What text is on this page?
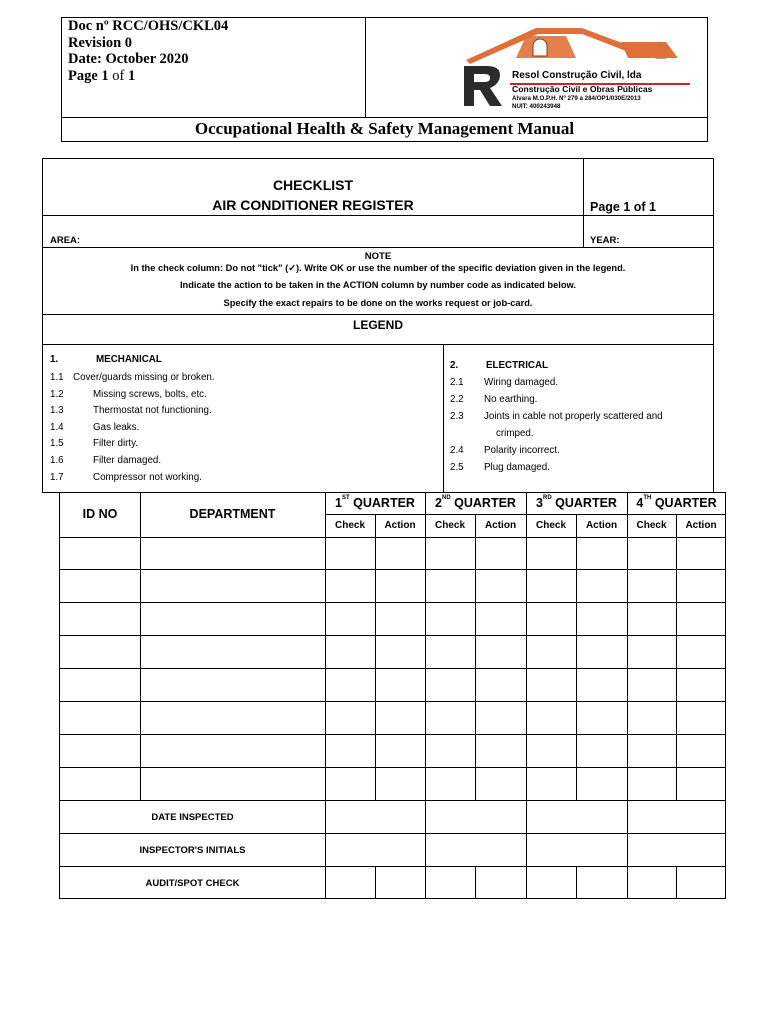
Doc nº RCC/OHS/CKL04
Revision 0
Date: October 2020
Page 1 of 1	Resol Construção Civil, lda
Construção Civil e Obras Públicas
Alvara M.O.P.H. Nº 279 a 284/OP1/030E/2013
NUIT: 400243948
Occupational Health & Safety Management Manual
CHECKLIST
AIR CONDITIONER REGISTER	Page 1 of 1
AREA:	YEAR:
NOTE
In the check column: Do not "tick" (✓). Write OK or use the number of the specific deviation given in the legend.
Indicate the action to be taken in the ACTION column by number code as indicated below.
Specify the exact repairs to be done on the works request or job-card.
LEGEND
1.	MECHANICAL
1.1 Cover/guards missing or broken.
1.2	Missing screws, bolts, etc.
1.3	Thermostat not functioning.
1.4	Gas leaks.
1.5	Filter dirty.
1.6	Filter damaged.
1.7	Compressor not working.
2.	ELECTRICAL
2.1 Wiring damaged.
2.2 No earthing.
2.3 Joints in cable not properly scattered and
crimped.
2.4 Polarity incorrect.
2.5 Plug damaged.
ID NO	DEPARTMENT
1ST QUARTER	2ND QUARTER	3RD QUARTER	4TH QUARTER
Check	Action	Check	Action	Check	Action	Check	Action
DATE INSPECTED
INSPECTOR'S INITIALS
AUDIT/SPOT CHECK
